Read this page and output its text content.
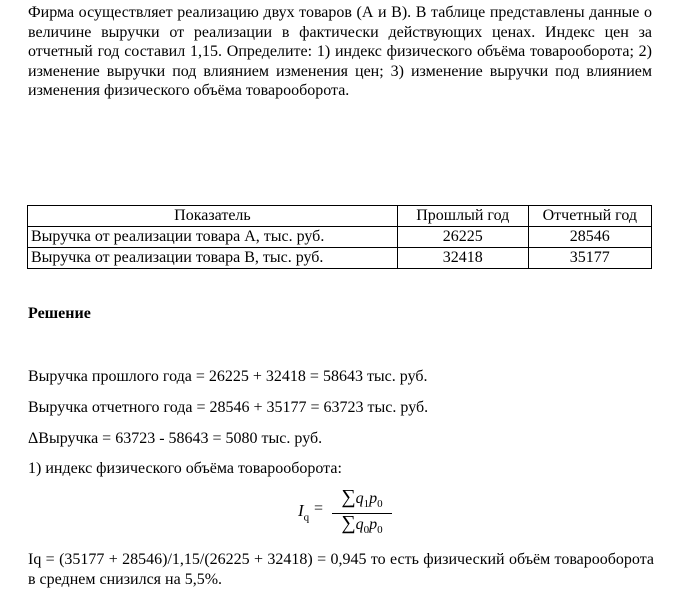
Фирма осуществляет реализацию двух товаров (А и В). В таблице представлены данные о величине выручки от реализации в фактически действующих ценах. Индекс цен за отчетный год составил 1,15. Определите: 1) индекс физического объёма товарооборота; 2) изменение выручки под влиянием изменения цен; 3) изменение выручки под влиянием изменения физического объёма товарооборота.
Показатель	Прошлый год	Отчетный год
Выручка от реализации товара А, тыс. руб.	26225	28546
Выручка от реализации товара В, тыс. руб.	32418	35177
Решение
Выручка прошлого года = 26225 + 32418 = 58643 тыс. руб.
Выручка отчетного года = 28546 + 35177 = 63723 тыс. руб.
ΔВыручка = 63723 - 58643 = 5080 тыс. руб.
1) индекс физического объёма товарооборота:
$I_q$
=
$\sum q_1p_0$
$\sum q_0p_0$
Iq = (35177 + 28546)/1,15/(26225 + 32418) = 0,945 то есть физический объём товарооборота в среднем снизился на 5,5%.
